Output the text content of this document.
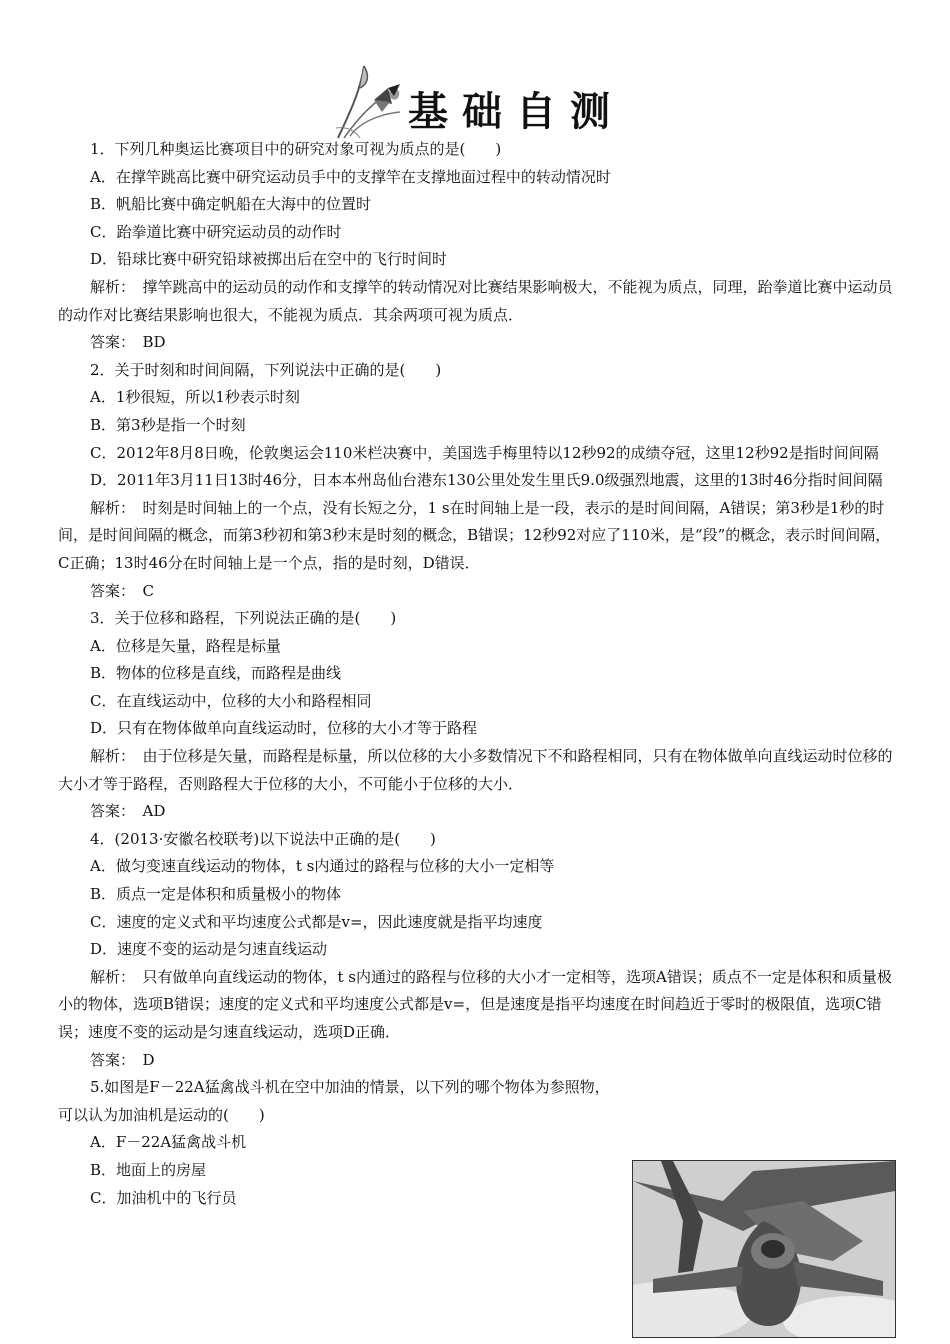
基础自测

1．下列几种奥运比赛项目中的研究对象可视为质点的是(　　)

A．在撑竿跳高比赛中研究运动员手中的支撑竿在支撑地面过程中的转动情况时

B．帆船比赛中确定帆船在大海中的位置时

C．跆拳道比赛中研究运动员的动作时

D．铅球比赛中研究铅球被掷出后在空中的飞行时间时

解析：　撑竿跳高中的运动员的动作和支撑竿的转动情况对比赛结果影响极大，不能视为质点，同理，跆拳道比赛中运动员的动作对比赛结果影响也很大，不能视为质点．其余两项可视为质点．

答案：　BD

2．关于时刻和时间间隔，下列说法中正确的是(　　)

A．1秒很短，所以1秒表示时刻

B．第3秒是指一个时刻

C．2012年8月8日晚，伦敦奥运会110米栏决赛中，美国选手梅里特以12秒92的成绩夺冠，这里12秒92是指时间间隔

D．2011年3月11日13时46分，日本本州岛仙台港东130公里处发生里氏9.0级强烈地震，这里的13时46分指时间间隔

解析：　时刻是时间轴上的一个点，没有长短之分，1 s在时间轴上是一段，表示的是时间间隔，A错误；第3秒是1秒的时间，是时间间隔的概念，而第3秒初和第3秒末是时刻的概念，B错误；12秒92对应了110米，是“段”的概念，表示时间间隔，C正确；13时46分在时间轴上是一个点，指的是时刻，D错误．

答案：　C

3．关于位移和路程，下列说法正确的是(　　)

A．位移是矢量，路程是标量

B．物体的位移是直线，而路程是曲线

C．在直线运动中，位移的大小和路程相同

D．只有在物体做单向直线运动时，位移的大小才等于路程

解析：　由于位移是矢量，而路程是标量，所以位移的大小多数情况下不和路程相同，只有在物体做单向直线运动时位移的大小才等于路程，否则路程大于位移的大小，不可能小于位移的大小．

答案：　AD

4．(2013·安徽名校联考)以下说法中正确的是(　　)

A．做匀变速直线运动的物体，t s内通过的路程与位移的大小一定相等

B．质点一定是体积和质量极小的物体

C．速度的定义式和平均速度公式都是v=，因此速度就是指平均速度

D．速度不变的运动是匀速直线运动

解析：　只有做单向直线运动的物体，t s内通过的路程与位移的大小才一定相等，选项A错误；质点不一定是体积和质量极小的物体，选项B错误；速度的定义式和平均速度公式都是v=，但是速度是指平均速度在时间趋近于零时的极限值，选项C错误；速度不变的运动是匀速直线运动，选项D正确．

答案：　D

5.如图是F－22A猛禽战斗机在空中加油的情景，以下列的哪个物体为参照物，可以认为加油机是运动的(　　)

A．F－22A猛禽战斗机

B．地面上的房屋

C．加油机中的飞行员
